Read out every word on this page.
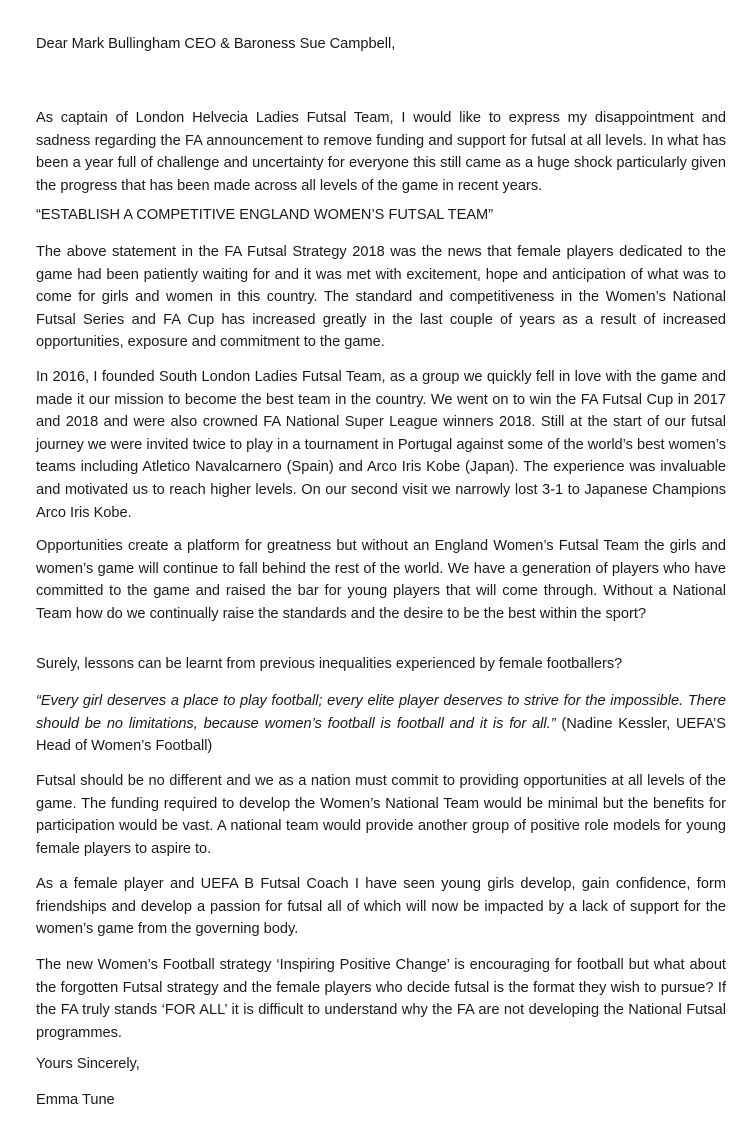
Dear Mark Bullingham CEO & Baroness Sue Campbell,

As captain of London Helvecia Ladies Futsal Team, I would like to express my disappointment and sadness regarding the FA announcement to remove funding and support for futsal at all levels. In what has been a year full of challenge and uncertainty for everyone this still came as a huge shock particularly given the progress that has been made across all levels of the game in recent years.

“ESTABLISH A COMPETITIVE ENGLAND WOMEN’S FUTSAL TEAM”

The above statement in the FA Futsal Strategy 2018 was the news that female players dedicated to the game had been patiently waiting for and it was met with excitement, hope and anticipation of what was to come for girls and women in this country. The standard and competitiveness in the Women’s National Futsal Series and FA Cup has increased greatly in the last couple of years as a result of increased opportunities, exposure and commitment to the game.

In 2016, I founded South London Ladies Futsal Team, as a group we quickly fell in love with the game and made it our mission to become the best team in the country. We went on to win the FA Futsal Cup in 2017 and 2018 and were also crowned FA National Super League winners 2018. Still at the start of our futsal journey we were invited twice to play in a tournament in Portugal against some of the world’s best women’s teams including Atletico Navalcarnero (Spain) and Arco Iris Kobe (Japan). The experience was invaluable and motivated us to reach higher levels. On our second visit we narrowly lost 3-1 to Japanese Champions Arco Iris Kobe.

Opportunities create a platform for greatness but without an England Women’s Futsal Team the girls and women’s game will continue to fall behind the rest of the world. We have a generation of players who have committed to the game and raised the bar for young players that will come through. Without a National Team how do we continually raise the standards and the desire to be the best within the sport?

Surely, lessons can be learnt from previous inequalities experienced by female footballers?

“Every girl deserves a place to play football; every elite player deserves to strive for the impossible. There should be no limitations, because women’s football is football and it is for all.” (Nadine Kessler, UEFA’S Head of Women’s Football)

Futsal should be no different and we as a nation must commit to providing opportunities at all levels of the game. The funding required to develop the Women’s National Team would be minimal but the benefits for participation would be vast. A national team would provide another group of positive role models for young female players to aspire to.

As a female player and UEFA B Futsal Coach I have seen young girls develop, gain confidence, form friendships and develop a passion for futsal all of which will now be impacted by a lack of support for the women’s game from the governing body.

The new Women’s Football strategy ‘Inspiring Positive Change’ is encouraging for football but what about the forgotten Futsal strategy and the female players who decide futsal is the format they wish to pursue? If the FA truly stands ‘FOR ALL’ it is difficult to understand why the FA are not developing the National Futsal programmes.

Yours Sincerely,

Emma Tune
